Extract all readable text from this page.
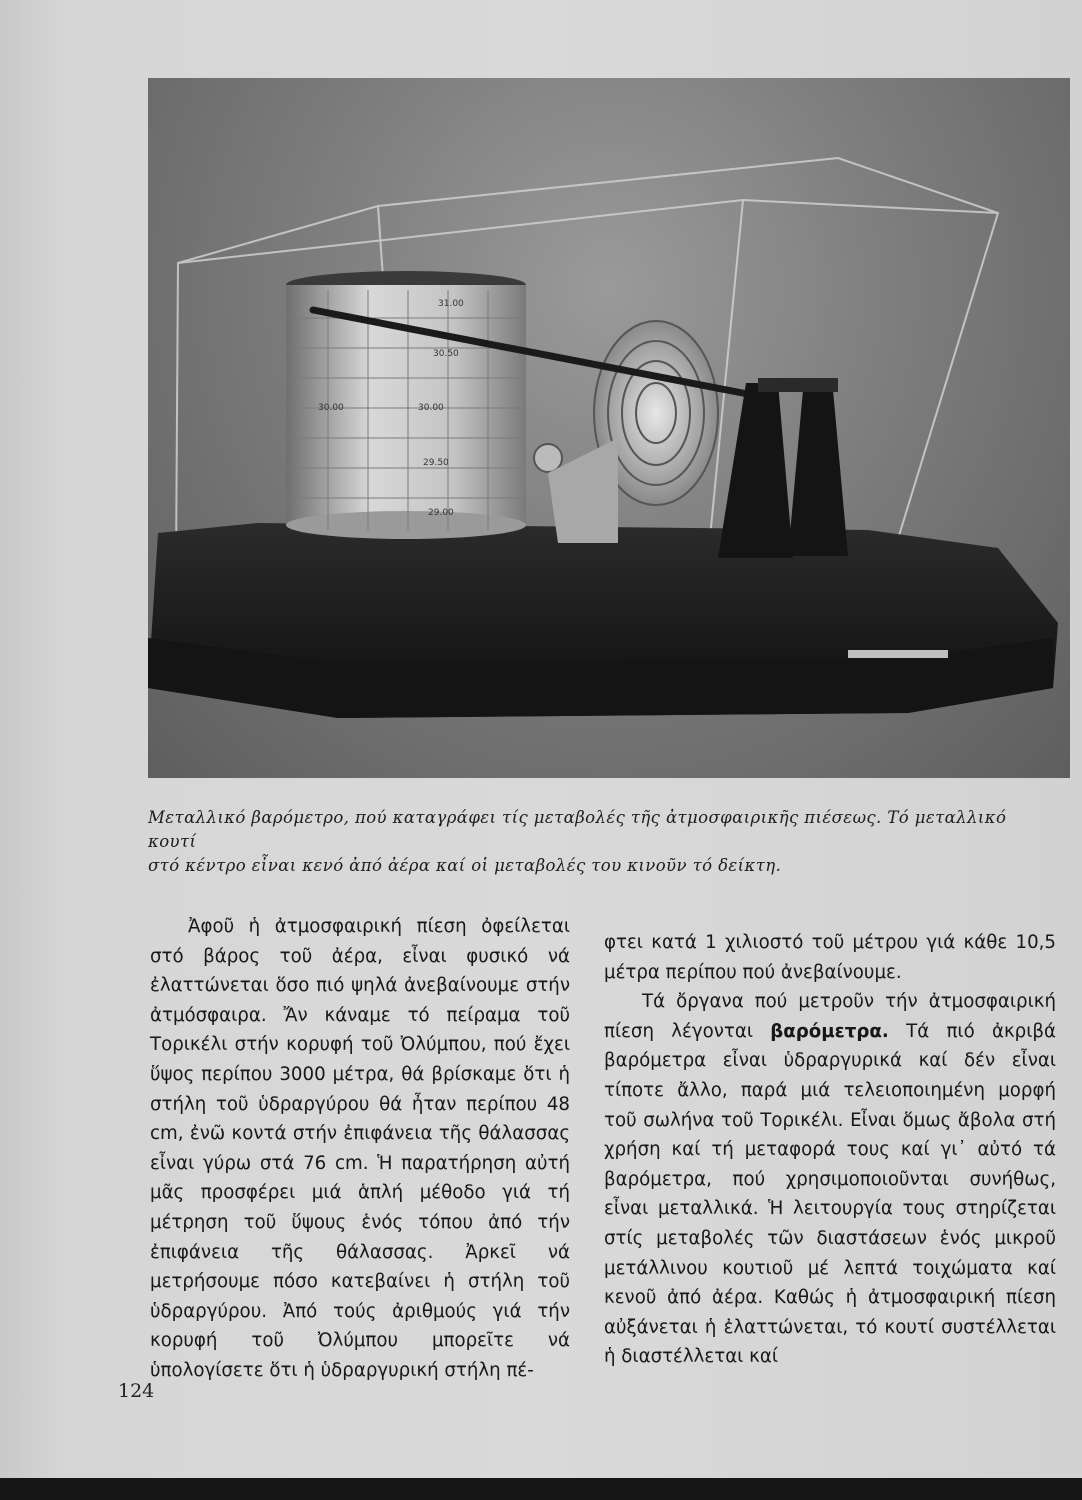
31.00
30.50
30.00	30.00
29.50
29.00
Μεταλλικό βαρόμετρο, πού καταγράφει τίς μεταβολές τῆς ἀτμοσφαιρικῆς πιέσεως. Τό μεταλλικό κουτί
στό κέντρο εἶναι κενό ἀπό ἀέρα καί οἱ μεταβολές του κινοῦν τό δείκτη.

Ἀφοῦ ἡ ἀτμοσφαιρική πίεση ὀφείλεται στό βάρος τοῦ ἀέρα, εἶναι φυσικό νά ἐλαττώνεται ὅσο πιό ψηλά ἀνεβαίνουμε στήν ἀτμόσφαιρα. Ἄν κάναμε τό πείραμα τοῦ Τορικέλι στήν κορυφή τοῦ Ὀλύμπου, πού ἔχει ὕψος περίπου 3000 μέτρα, θά βρίσκαμε ὅτι ἡ στήλη τοῦ ὑδραργύρου θά ἦταν περίπου 48 cm, ἐνῶ κοντά στήν ἐπιφάνεια τῆς θάλασσας εἶναι γύρω στά 76 cm. Ἡ παρατήρηση αὐτή μᾶς προσφέρει μιά ἁπλή μέθοδο γιά τή μέτρηση τοῦ ὕψους ἑνός τόπου ἀπό τήν ἐπιφάνεια τῆς θάλασσας. Ἀρκεῖ νά μετρήσουμε πόσο κατεβαίνει ἡ στήλη τοῦ ὑδραργύρου. Ἀπό τούς ἀριθμούς γιά τήν κορυφή τοῦ Ὀλύμπου μπορεῖτε νά ὑπολογίσετε ὅτι ἡ ὑδραργυρική στήλη πέ-

φτει κατά 1 χιλιοστό τοῦ μέτρου γιά κάθε 10,5 μέτρα περίπου πού ἀνεβαίνουμε.

Τά ὄργανα πού μετροῦν τήν ἀτμοσφαιρική πίεση λέγονται βαρόμετρα. Τά πιό ἀκριβά βαρόμετρα εἶναι ὑδραργυρικά καί δέν εἶναι τίποτε ἄλλο, παρά μιά τελειοποιημένη μορφή τοῦ σωλήνα τοῦ Τορικέλι. Εἶναι ὅμως ἄβολα στή χρήση καί τή μεταφορά τους καί γι᾿ αὐτό τά βαρόμετρα, πού χρησιμοποιοῦνται συνήθως, εἶναι μεταλλικά. Ἡ λειτουργία τους στηρίζεται στίς μεταβολές τῶν διαστάσεων ἑνός μικροῦ μετάλλινου κουτιοῦ μέ λεπτά τοιχώματα καί κενοῦ ἀπό ἀέρα. Καθώς ἡ ἀτμοσφαιρική πίεση αὐξάνεται ἡ ἐλαττώνεται, τό κουτί συστέλλεται ἡ διαστέλλεται καί

124
